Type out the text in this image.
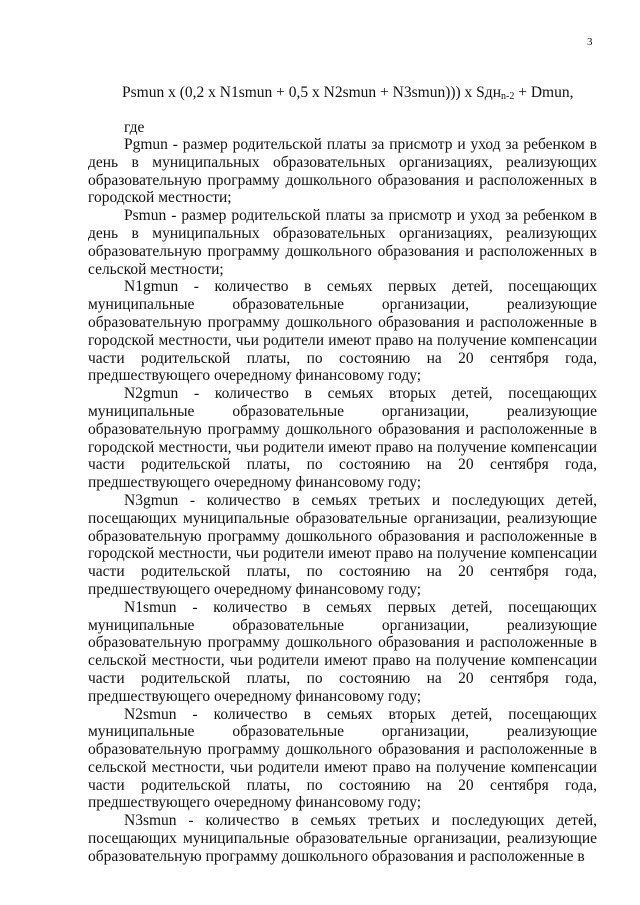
3
Psmun x (0,2 x N1smun + 0,5 x N2smun + N3smun))) x Sдн$_{n-2}$ + Dmun,
где

Pgmun - размер родительской платы за присмотр и уход за ребенком в день в муниципальных образовательных организациях, реализующих образовательную программу дошкольного образования и расположенных в городской местности;

Psmun - размер родительской платы за присмотр и уход за ребенком в день в муниципальных образовательных организациях, реализующих образовательную программу дошкольного образования и расположенных в сельской местности;

N1gmun - количество в семьях первых детей, посещающих муниципальные образовательные организации, реализующие образовательную программу дошкольного образования и расположенные в городской местности, чьи родители имеют право на получение компенсации части родительской платы, по состоянию на 20 сентября года, предшествующего очередному финансовому году;

N2gmun - количество в семьях вторых детей, посещающих муниципальные образовательные организации, реализующие образовательную программу дошкольного образования и расположенные в городской местности, чьи родители имеют право на получение компенсации части родительской платы, по состоянию на 20 сентября года, предшествующего очередному финансовому году;

N3gmun - количество в семьях третьих и последующих детей, посещающих муниципальные образовательные организации, реализующие образовательную программу дошкольного образования и расположенные в городской местности, чьи родители имеют право на получение компенсации части родительской платы, по состоянию на 20 сентября года, предшествующего очередному финансовому году;

N1smun - количество в семьях первых детей, посещающих муниципальные образовательные организации, реализующие образовательную программу дошкольного образования и расположенные в сельской местности, чьи родители имеют право на получение компенсации части родительской платы, по состоянию на 20 сентября года, предшествующего очередному финансовому году;

N2smun - количество в семьях вторых детей, посещающих муниципальные образовательные организации, реализующие образовательную программу дошкольного образования и расположенные в сельской местности, чьи родители имеют право на получение компенсации части родительской платы, по состоянию на 20 сентября года, предшествующего очередному финансовому году;

N3smun - количество в семьях третьих и последующих детей, посещающих муниципальные образовательные организации, реализующие образовательную программу дошкольного образования и расположенные в
